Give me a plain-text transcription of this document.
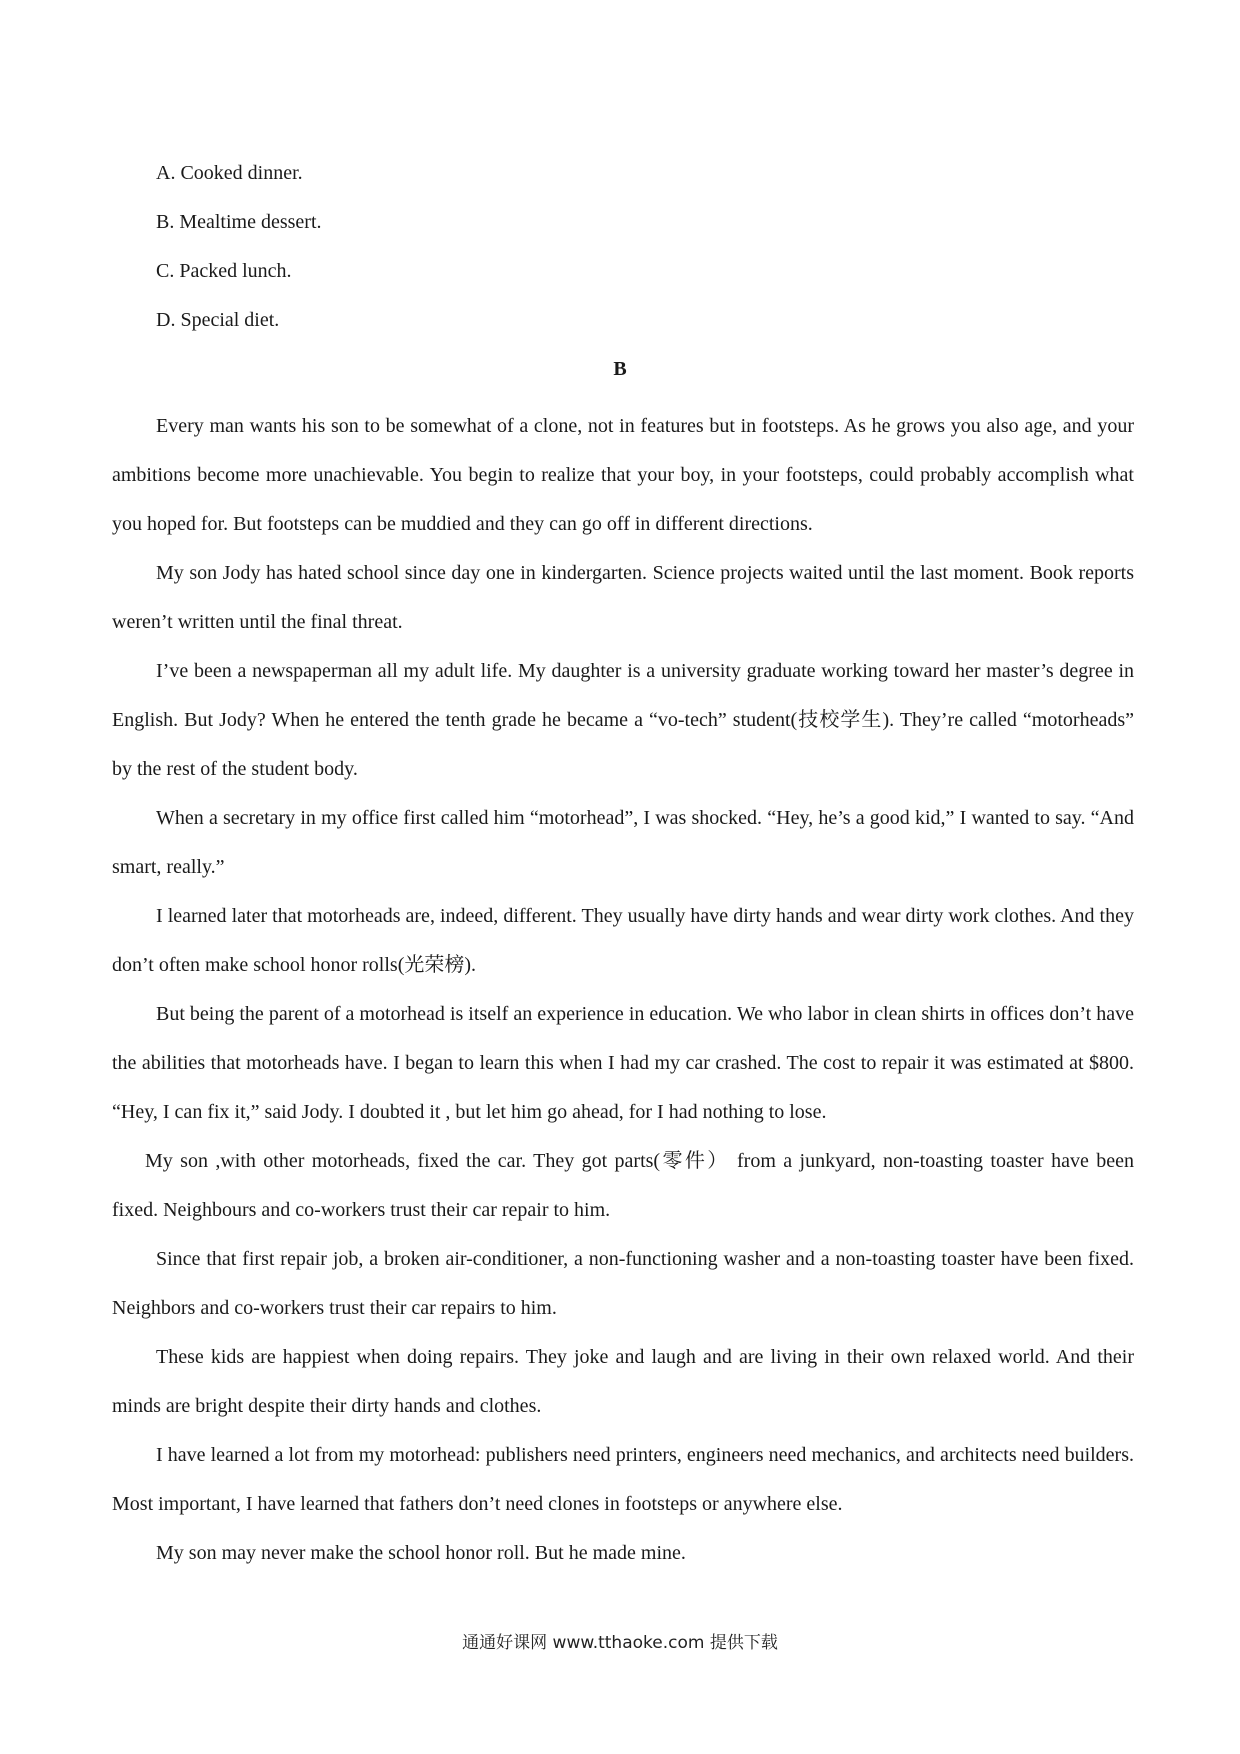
A. Cooked dinner.
B. Mealtime dessert.
C. Packed lunch.
D. Special diet.
B

Every man wants his son to be somewhat of a clone, not in features but in footsteps. As he grows you also age, and your ambitions become more unachievable. You begin to realize that your boy, in your footsteps, could probably accomplish what you hoped for. But footsteps can be muddied and they can go off in different directions.

My son Jody has hated school since day one in kindergarten. Science projects waited until the last moment. Book reports weren’t written until the final threat.

I’ve been a newspaperman all my adult life. My daughter is a university graduate working toward her master’s degree in English. But Jody? When he entered the tenth grade he became a “vo-tech” student(技校学生). They’re called “motorheads” by the rest of the student body.

When a secretary in my office first called him “motorhead”, I was shocked. “Hey, he’s a good kid,” I wanted to say. “And smart, really.”

I learned later that motorheads are, indeed, different. They usually have dirty hands and wear dirty work clothes. And they don’t often make school honor rolls(光荣榜).

But being the parent of a motorhead is itself an experience in education. We who labor in clean shirts in offices don’t have the abilities that motorheads have. I began to learn this when I had my car crashed. The cost to repair it was estimated at $800. “Hey, I can fix it,” said Jody. I doubted it , but let him go ahead, for I had nothing to lose.

My son ,with other motorheads, fixed the car. They got parts(零件） from a junkyard, non-toasting toaster have been fixed. Neighbours and co-workers trust their car repair to him.

Since that first repair job, a broken air-conditioner, a non-functioning washer and a non-toasting toaster have been fixed. Neighbors and co-workers trust their car repairs to him.

These kids are happiest when doing repairs. They joke and laugh and are living in their own relaxed world. And their minds are bright despite their dirty hands and clothes.

I have learned a lot from my motorhead: publishers need printers, engineers need mechanics, and architects need builders. Most important, I have learned that fathers don’t need clones in footsteps or anywhere else.

My son may never make the school honor roll. But he made mine.

通通好课网 www.tthaoke.com 提供下载
